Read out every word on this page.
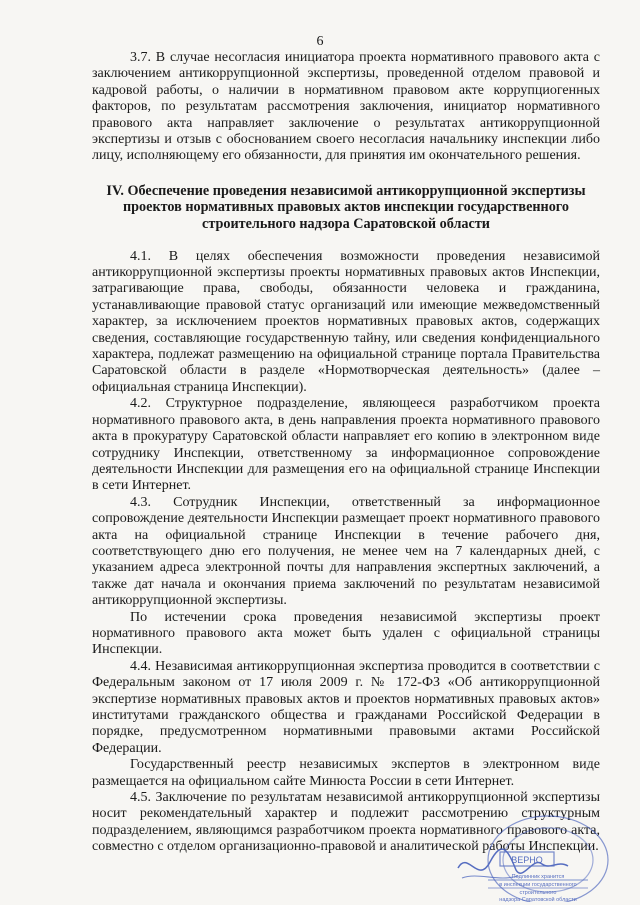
6

3.7. В случае несогласия инициатора проекта нормативного правового акта с заключением антикоррупционной экспертизы, проведенной отделом правовой и кадровой работы, о наличии в нормативном правовом акте коррупциогенных факторов, по результатам рассмотрения заключения, инициатор нормативного правового акта направляет заключение о результатах антикоррупционной экспертизы и отзыв с обоснованием своего несогласия начальнику инспекции либо лицу, исполняющему его обязанности, для принятия им окончательного решения.

IV. Обеспечение проведения независимой антикоррупционной экспертизы проектов нормативных правовых актов инспекции государственного строительного надзора Саратовской области

4.1. В целях обеспечения возможности проведения независимой антикоррупционной экспертизы проекты нормативных правовых актов Инспекции, затрагивающие права, свободы, обязанности человека и гражданина, устанавливающие правовой статус организаций или имеющие межведомственный характер, за исключением проектов нормативных правовых актов, содержащих сведения, составляющие государственную тайну, или сведения конфиденциального характера, подлежат размещению на официальной странице портала Правительства Саратовской области в разделе «Нормотворческая деятельность» (далее – официальная страница Инспекции).

4.2. Структурное подразделение, являющееся разработчиком проекта нормативного правового акта, в день направления проекта нормативного правового акта в прокуратуру Саратовской области направляет его копию в электронном виде сотруднику Инспекции, ответственному за информационное сопровождение деятельности Инспекции для размещения его на официальной странице Инспекции в сети Интернет.

4.3. Сотрудник Инспекции, ответственный за информационное сопровождение деятельности Инспекции размещает проект нормативного правового акта на официальной странице Инспекции в течение рабочего дня, соответствующего дню его получения, не менее чем на 7 календарных дней, с указанием адреса электронной почты для направления экспертных заключений, а также дат начала и окончания приема заключений по результатам независимой антикоррупционной экспертизы.

По истечении срока проведения независимой экспертизы проект нормативного правового акта может быть удален с официальной страницы Инспекции.

4.4. Независимая антикоррупционная экспертиза проводится в соответствии с Федеральным законом от 17 июля 2009 г. № 172-ФЗ «Об антикоррупционной экспертизе нормативных правовых актов и проектов нормативных правовых актов» институтами гражданского общества и гражданами Российской Федерации в порядке, предусмотренном нормативными правовыми актами Российской Федерации.

Государственный реестр независимых экспертов в электронном виде размещается на официальном сайте Минюста России в сети Интернет.

4.5. Заключение по результатам независимой антикоррупционной экспертизы носит рекомендательный характер и подлежит рассмотрению структурным подразделением, являющимся разработчиком проекта нормативного правового акта, совместно с отделом организационно-правовой и аналитической работы Инспекции.

ВЕРНО
Подлинник хранится
в инспекции государственного
строительного
надзора Саратовской области
